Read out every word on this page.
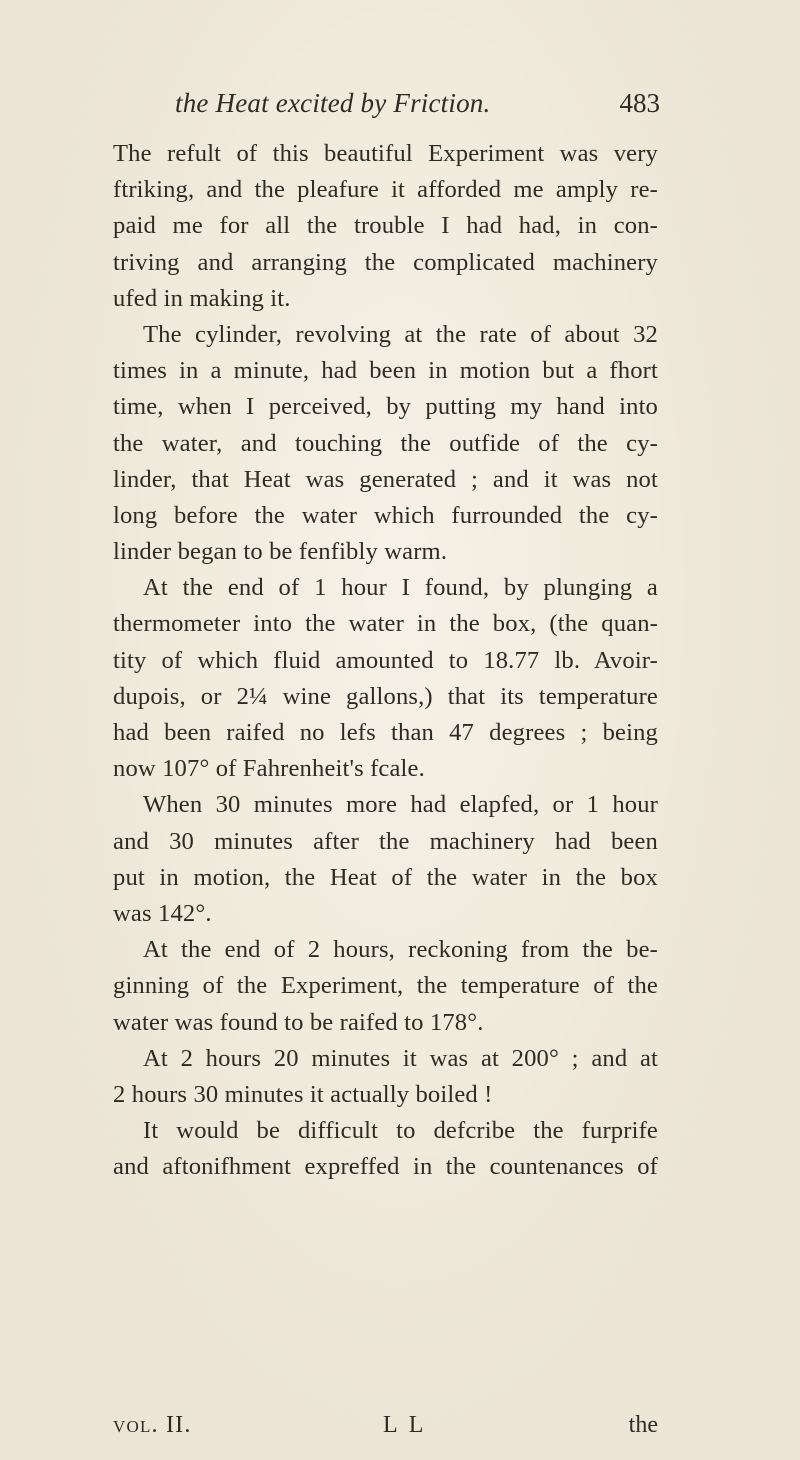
the Heat excited by Friction.	483
The refult of this beautiful Experiment was very
ftriking, and the pleafure it afforded me amply re-
paid me for all the trouble I had had, in con-
triving and arranging the complicated machinery
ufed in making it.
The cylinder, revolving at the rate of about 32
times in a minute, had been in motion but a fhort
time, when I perceived, by putting my hand into
the water, and touching the outfide of the cy-
linder, that Heat was generated ; and it was not
long before the water which furrounded the cy-
linder began to be fenfibly warm.
At the end of 1 hour I found, by plunging a
thermometer into the water in the box, (the quan-
tity of which fluid amounted to 18.77 lb. Avoir-
dupois, or 2¼ wine gallons,) that its temperature
had been raifed no lefs than 47 degrees ; being
now 107° of Fahrenheit's fcale.
When 30 minutes more had elapfed, or 1 hour
and 30 minutes after the machinery had been
put in motion, the Heat of the water in the box
was 142°.
At the end of 2 hours, reckoning from the be-
ginning of the Experiment, the temperature of the
water was found to be raifed to 178°.
At 2 hours 20 minutes it was at 200° ; and at
2 hours 30 minutes it actually boiled !
It would be difficult to defcribe the furprife
and aftonifhment expreffed in the countenances of
vol. II.	L L	the
